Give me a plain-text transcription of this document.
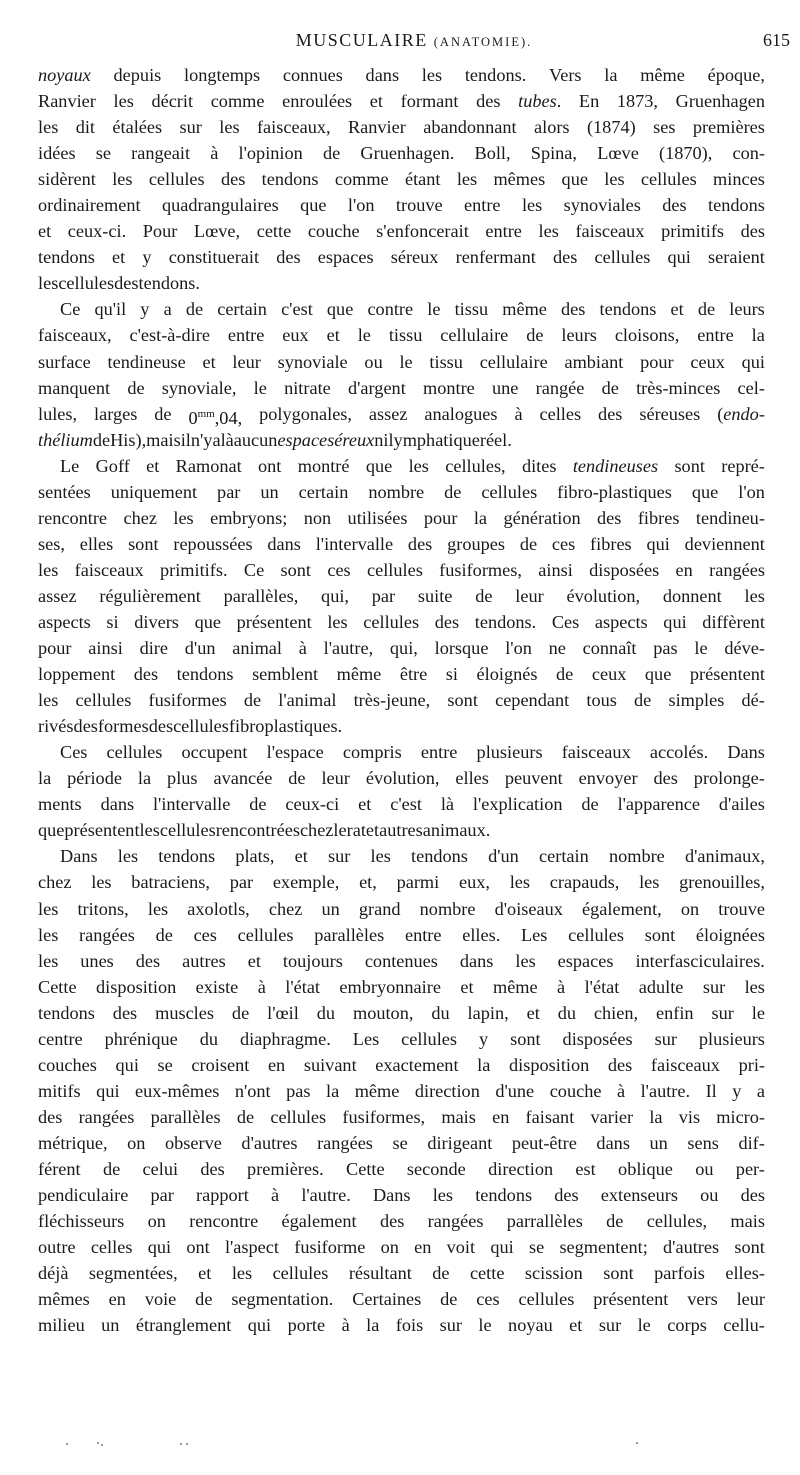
MUSCULAIRE (ANATOMIE).	615
noyaux depuis longtemps connues dans les tendons. Vers la même époque,
Ranvier les décrit comme enroulées et formant des tubes. En 1873, Gruenhagen
les dit étalées sur les faisceaux, Ranvier abandonnant alors (1874) ses premières
idées se rangeait à l'opinion de Gruenhagen. Boll, Spina, Lœve (1870), con-
sidèrent les cellules des tendons comme étant les mêmes que les cellules minces
ordinairement quadrangulaires que l'on trouve entre les synoviales des tendons
et ceux-ci. Pour Lœve, cette couche s'enfoncerait entre les faisceaux primitifs des
tendons et y constituerait des espaces séreux renfermant des cellules qui seraient
les cellules des tendons.
Ce qu'il y a de certain c'est que contre le tissu même des tendons et de leurs
faisceaux, c'est-à-dire entre eux et le tissu cellulaire de leurs cloisons, entre la
surface tendineuse et leur synoviale ou le tissu cellulaire ambiant pour ceux qui
manquent de synoviale, le nitrate d'argent montre une rangée de très-minces cel-
lules, larges de $0^{mm},04$, polygonales, assez analogues à celles des séreuses (endo-
thélium de His), mais il n'y a là aucun espace séreux ni lymphatique réel.
Le Goff et Ramonat ont montré que les cellules, dites tendineuses sont repré-
sentées uniquement par un certain nombre de cellules fibro-plastiques que l'on
rencontre chez les embryons; non utilisées pour la génération des fibres tendineu-
ses, elles sont repoussées dans l'intervalle des groupes de ces fibres qui deviennent
les faisceaux primitifs. Ce sont ces cellules fusiformes, ainsi disposées en rangées
assez régulièrement parallèles, qui, par suite de leur évolution, donnent les
aspects si divers que présentent les cellules des tendons. Ces aspects qui diffèrent
pour ainsi dire d'un animal à l'autre, qui, lorsque l'on ne connaît pas le déve-
loppement des tendons semblent même être si éloignés de ceux que présentent
les cellules fusiformes de l'animal très-jeune, sont cependant tous de simples dé-
rivés des formes des cellules fibroplastiques.
Ces cellules occupent l'espace compris entre plusieurs faisceaux accolés. Dans
la période la plus avancée de leur évolution, elles peuvent envoyer des prolonge-
ments dans l'intervalle de ceux-ci et c'est là l'explication de l'apparence d'ailes
que présentent les cellules rencontrées chez le rat et autres animaux.
Dans les tendons plats, et sur les tendons d'un certain nombre d'animaux,
chez les batraciens, par exemple, et, parmi eux, les crapauds, les grenouilles,
les tritons, les axolotls, chez un grand nombre d'oiseaux également, on trouve
les rangées de ces cellules parallèles entre elles. Les cellules sont éloignées
les unes des autres et toujours contenues dans les espaces interfasciculaires.
Cette disposition existe à l'état embryonnaire et même à l'état adulte sur les
tendons des muscles de l'œil du mouton, du lapin, et du chien, enfin sur le
centre phrénique du diaphragme. Les cellules y sont disposées sur plusieurs
couches qui se croisent en suivant exactement la disposition des faisceaux pri-
mitifs qui eux-mêmes n'ont pas la même direction d'une couche à l'autre. Il y a
des rangées parallèles de cellules fusiformes, mais en faisant varier la vis micro-
métrique, on observe d'autres rangées se dirigeant peut-être dans un sens dif-
férent de celui des premières. Cette seconde direction est oblique ou per-
pendiculaire par rapport à l'autre. Dans les tendons des extenseurs ou des
fléchisseurs on rencontre également des rangées parrallèles de cellules, mais
outre celles qui ont l'aspect fusiforme on en voit qui se segmentent; d'autres sont
déjà segmentées, et les cellules résultant de cette scission sont parfois elles-
mêmes en voie de segmentation. Certaines de ces cellules présentent vers leur
milieu un étranglement qui porte à la fois sur le noyau et sur le corps cellu-
